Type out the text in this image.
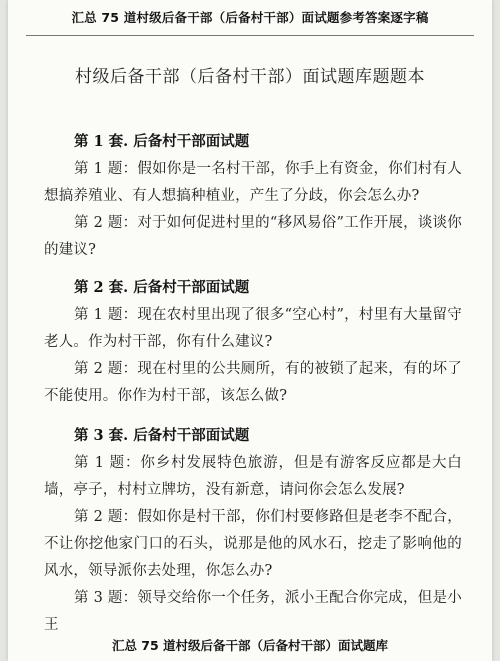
汇总 75 道村级后备干部（后备村干部）面试题参考答案逐字稿
村级后备干部（后备村干部）面试题库题题本

第 1 套. 后备村干部面试题

第 1 题：假如你是一名村干部，你手上有资金，你们村有人想搞养殖业、有人想搞种植业，产生了分歧，你会怎么办?

第 2 题：对于如何促进村里的“移风易俗”工作开展，谈谈你的建议?

第 2 套. 后备村干部面试题

第 1 题：现在农村里出现了很多“空心村”，村里有大量留守老人。作为村干部，你有什么建议?

第 2 题：现在村里的公共厕所，有的被锁了起来，有的坏了不能使用。你作为村干部，该怎么做?

第 3 套. 后备村干部面试题

第 1 题：你乡村发展特色旅游，但是有游客反应都是大白墙，亭子，村村立牌坊，没有新意，请问你会怎么发展?

第 2 题：假如你是村干部，你们村要修路但是老李不配合，不让你挖他家门口的石头，说那是他的风水石，挖走了影响他的风水，领导派你去处理，你怎么办?

第 3 题：领导交给你一个任务，派小王配合你完成，但是小王

汇总 75 道村级后备干部（后备村干部）面试题库
